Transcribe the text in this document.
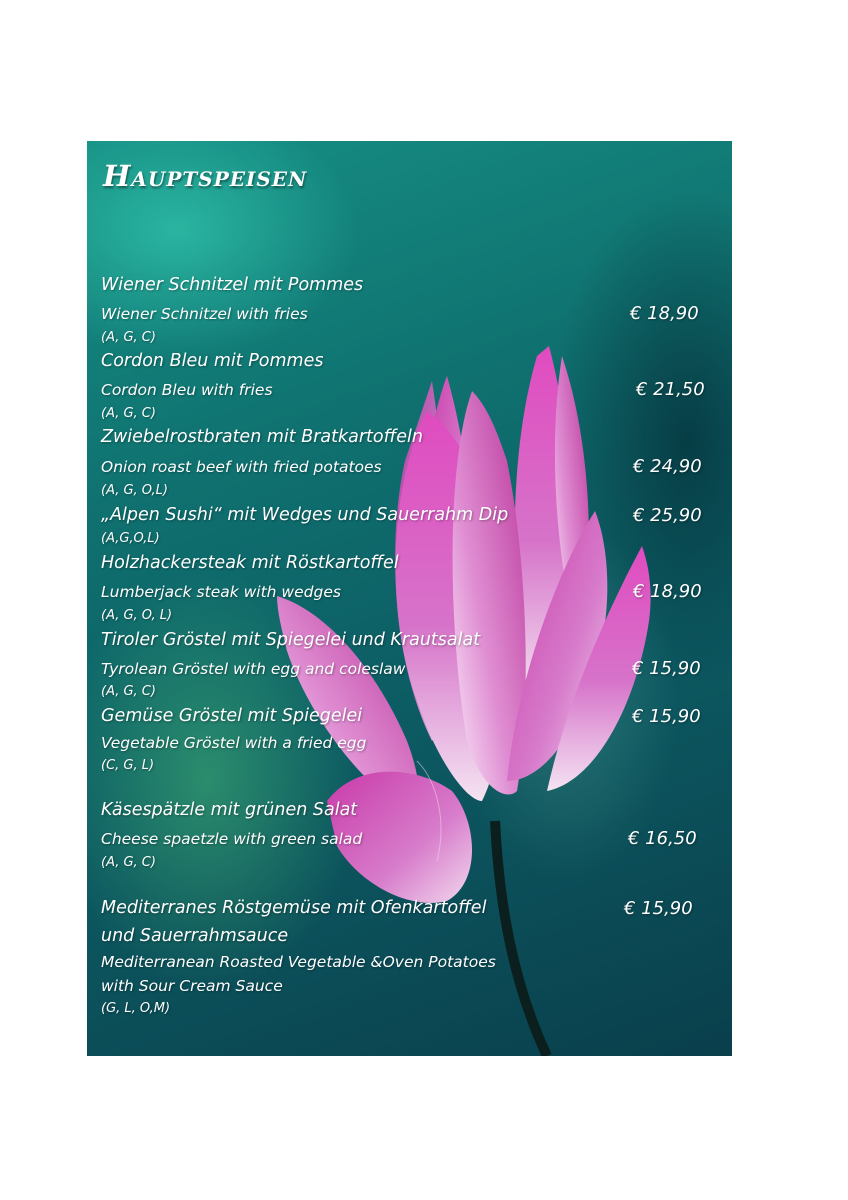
Hauptspeisen
Wiener Schnitzel mit Pommes
Wiener Schnitzel with fries	€ 18,90
(A, G, C)
Cordon Bleu mit Pommes
Cordon Bleu with fries	€ 21,50
(A, G, C)
Zwiebelrostbraten mit Bratkartoffeln
Onion roast beef with fried potatoes	€ 24,90
(A, G, O,L)
„Alpen Sushi“ mit Wedges und Sauerrahm Dip	€ 25,90
(A,G,O,L)
Holzhackersteak mit Röstkartoffel
Lumberjack steak with wedges	€ 18,90
(A, G, O, L)
Tiroler Gröstel mit Spiegelei und Krautsalat
Tyrolean Gröstel with egg and coleslaw	€ 15,90
(A, G, C)
Gemüse Gröstel mit Spiegelei	€ 15,90
Vegetable Gröstel with a fried egg
(C, G, L)
Käsespätzle mit grünen Salat
Cheese spaetzle with green salad	€ 16,50
(A, G, C)
Mediterranes Röstgemüse mit Ofenkartoffel	€ 15,90
und Sauerrahmsauce
Mediterranean Roasted Vegetable &Oven Potatoes
with Sour Cream Sauce
(G, L, O,M)
